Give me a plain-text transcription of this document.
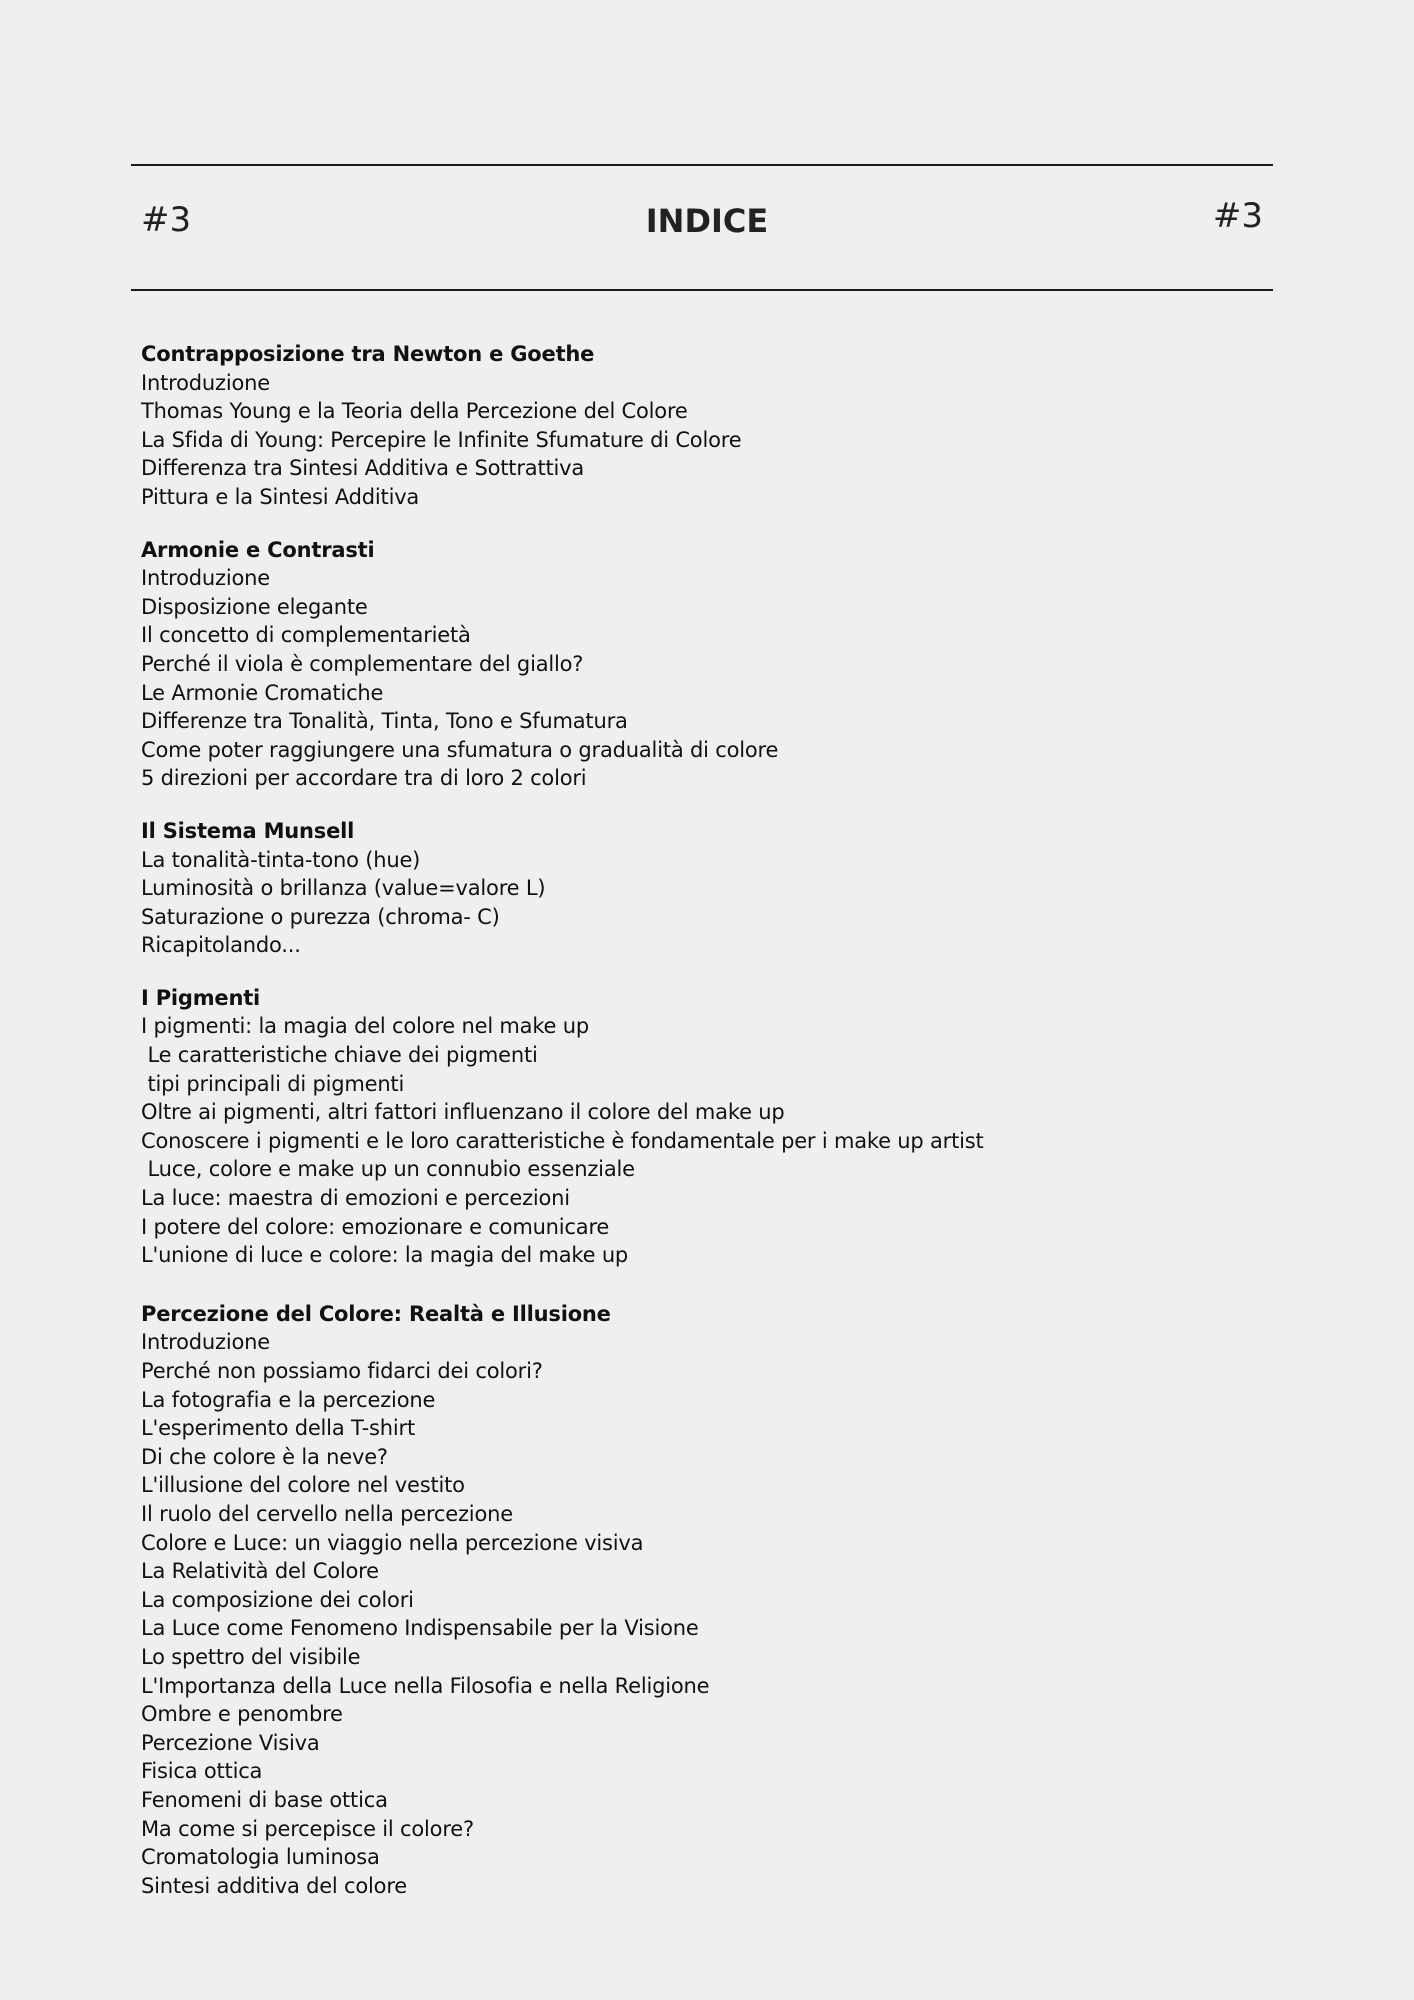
#3	INDICE	#3
Contrapposizione tra Newton e Goethe
Introduzione
Thomas Young e la Teoria della Percezione del Colore
La Sfida di Young: Percepire le Infinite Sfumature di Colore
Differenza tra Sintesi Additiva e Sottrattiva
Pittura e la Sintesi Additiva
Armonie e Contrasti
Introduzione
Disposizione elegante
Il concetto di complementarietà
Perché il viola è complementare del giallo?
Le Armonie Cromatiche
Differenze tra Tonalità, Tinta, Tono e Sfumatura
Come poter raggiungere una sfumatura o gradualità di colore
5 direzioni per accordare tra di loro 2 colori
Il Sistema Munsell
La tonalità-tinta-tono (hue)
Luminosità o brillanza (value=valore L)
Saturazione o purezza (chroma- C)
Ricapitolando...
I Pigmenti
I pigmenti: la magia del colore nel make up
Le caratteristiche chiave dei pigmenti
tipi principali di pigmenti
Oltre ai pigmenti, altri fattori influenzano il colore del make up
Conoscere i pigmenti e le loro caratteristiche è fondamentale per i make up artist
Luce, colore e make up un connubio essenziale
La luce: maestra di emozioni e percezioni
I potere del colore: emozionare e comunicare
L'unione di luce e colore: la magia del make up
Percezione del Colore: Realtà e Illusione
Introduzione
Perché non possiamo fidarci dei colori?
La fotografia e la percezione
L'esperimento della T-shirt
Di che colore è la neve?
L'illusione del colore nel vestito
Il ruolo del cervello nella percezione
Colore e Luce: un viaggio nella percezione visiva
La Relatività del Colore
La composizione dei colori
La Luce come Fenomeno Indispensabile per la Visione
Lo spettro del visibile
L'Importanza della Luce nella Filosofia e nella Religione
Ombre e penombre
Percezione Visiva
Fisica ottica
Fenomeni di base ottica
Ma come si percepisce il colore?
Cromatologia luminosa
Sintesi additiva del colore
